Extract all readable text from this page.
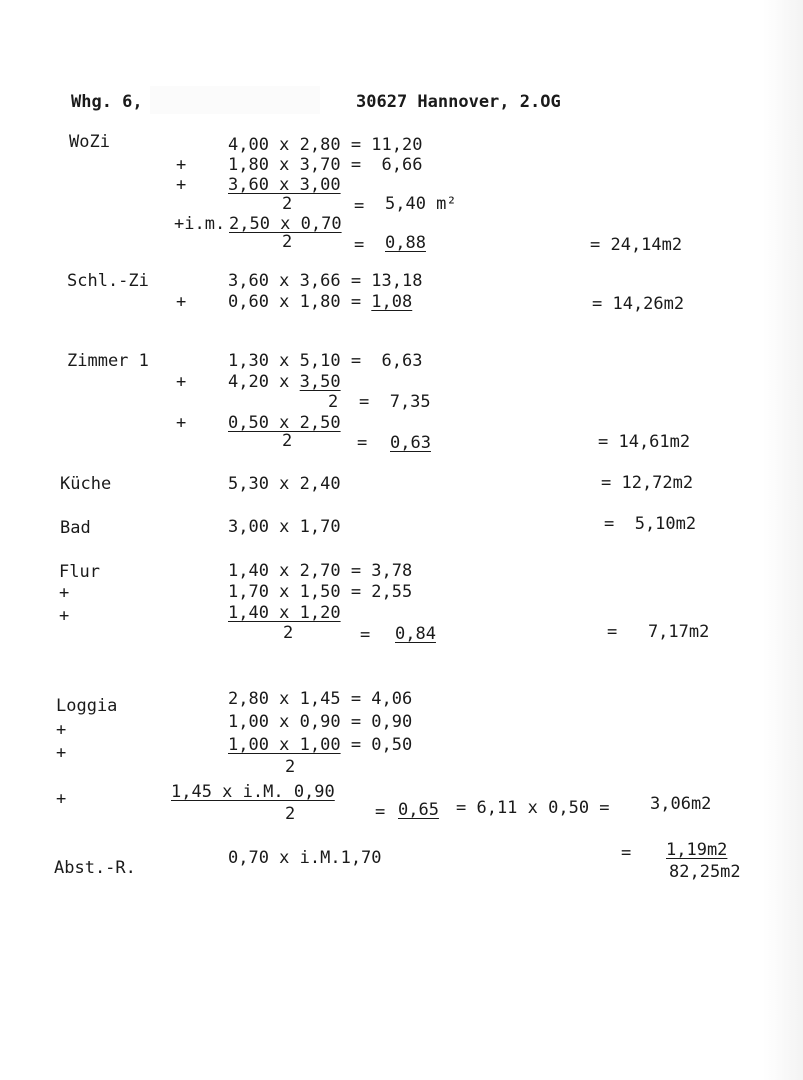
Whg. 6,	30627 Hannover, 2.OG
WoZi	4,00 x 2,80 = 11,20
+ 1,80 x 3,70 =  6,66
+ 3,60 x 3,00
2	= 5,40 m²
+i.m. 2,50 x 0,70
2	= 0,88	= 24,14m2
Schl.-Zi	3,60 x 3,66 = 13,18
+ 0,60 x 1,80 = 1,08	= 14,26m2
Zimmer 1	1,30 x 5,10 =  6,63
+ 4,20 x 3,50
2 =  7,35
+ 0,50 x 2,50
2	= 0,63	= 14,61m2
Küche	5,30 x 2,40	= 12,72m2
Bad	3,00 x 1,70	=  5,10m2
Flur	1,40 x 2,70 = 3,78
+	1,70 x 1,50 = 2,55
+	1,40 x 1,20
2	= 0,84	=   7,17m2
Loggia	2,80 x 1,45 = 4,06
+	1,00 x 0,90 = 0,90
+	1,00 x 1,00 = 0,50
2
+	1,45 x i.M. 0,90
2	= 0,65 = 6,11 x 0,50 = 3,06m2
Abst.-R.	0,70 x i.M.1,70	= 1,19m2
82,25m2
